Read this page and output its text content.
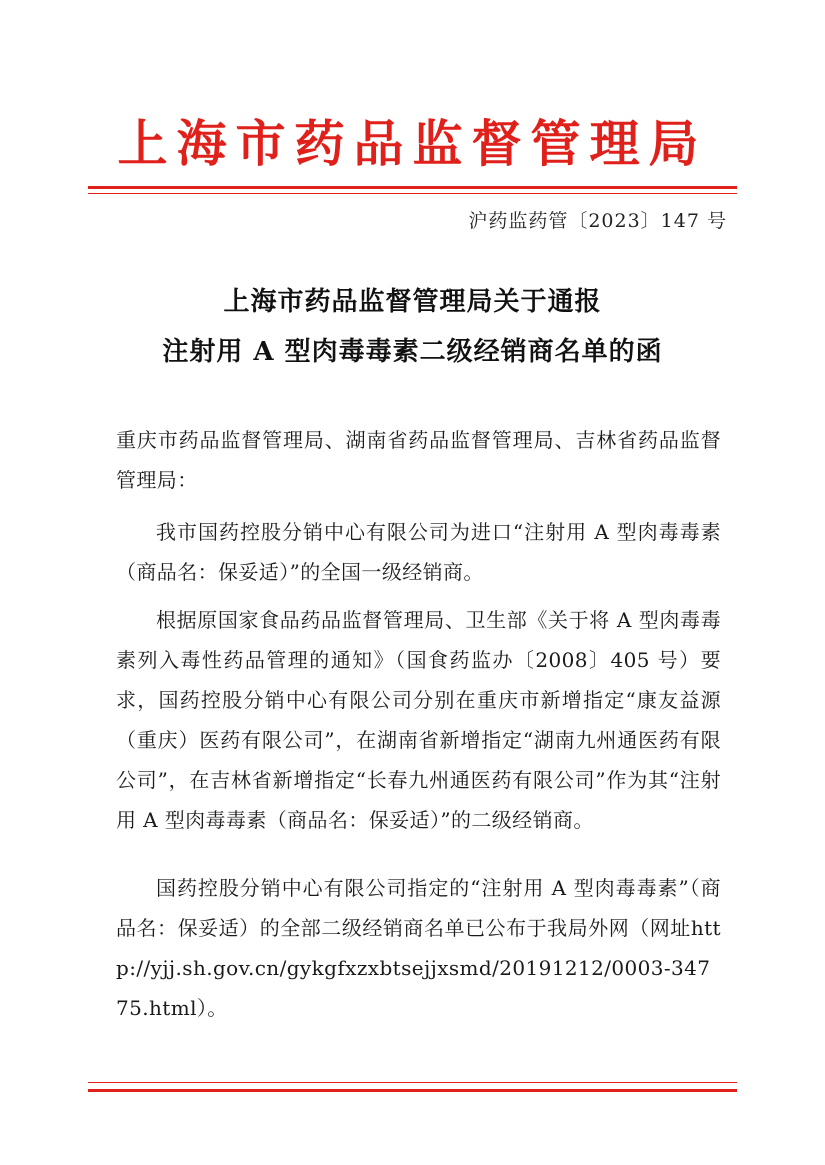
上海市药品监督管理局
沪药监药管〔2023〕147 号
上海市药品监督管理局关于通报
注射用 A 型肉毒毒素二级经销商名单的函

重庆市药品监督管理局、湖南省药品监督管理局、吉林省药品监督管理局：

我市国药控股分销中心有限公司为进口“注射用 A 型肉毒毒素（商品名：保妥适）”的全国一级经销商。

根据原国家食品药品监督管理局、卫生部《关于将 A 型肉毒毒素列入毒性药品管理的通知》（国食药监办〔2008〕405 号）要求，国药控股分销中心有限公司分别在重庆市新增指定“康友益源（重庆）医药有限公司”，在湖南省新增指定“湖南九州通医药有限公司”，在吉林省新增指定“长春九州通医药有限公司”作为其“注射用 A 型肉毒毒素（商品名：保妥适）”的二级经销商。

国药控股分销中心有限公司指定的“注射用 A 型肉毒毒素”（商品名：保妥适）的全部二级经销商名单已公布于我局外网（网址http://yjj.sh.gov.cn/gykgfxzxbtsejjxsmd/20191212/0003-34775.html）。
